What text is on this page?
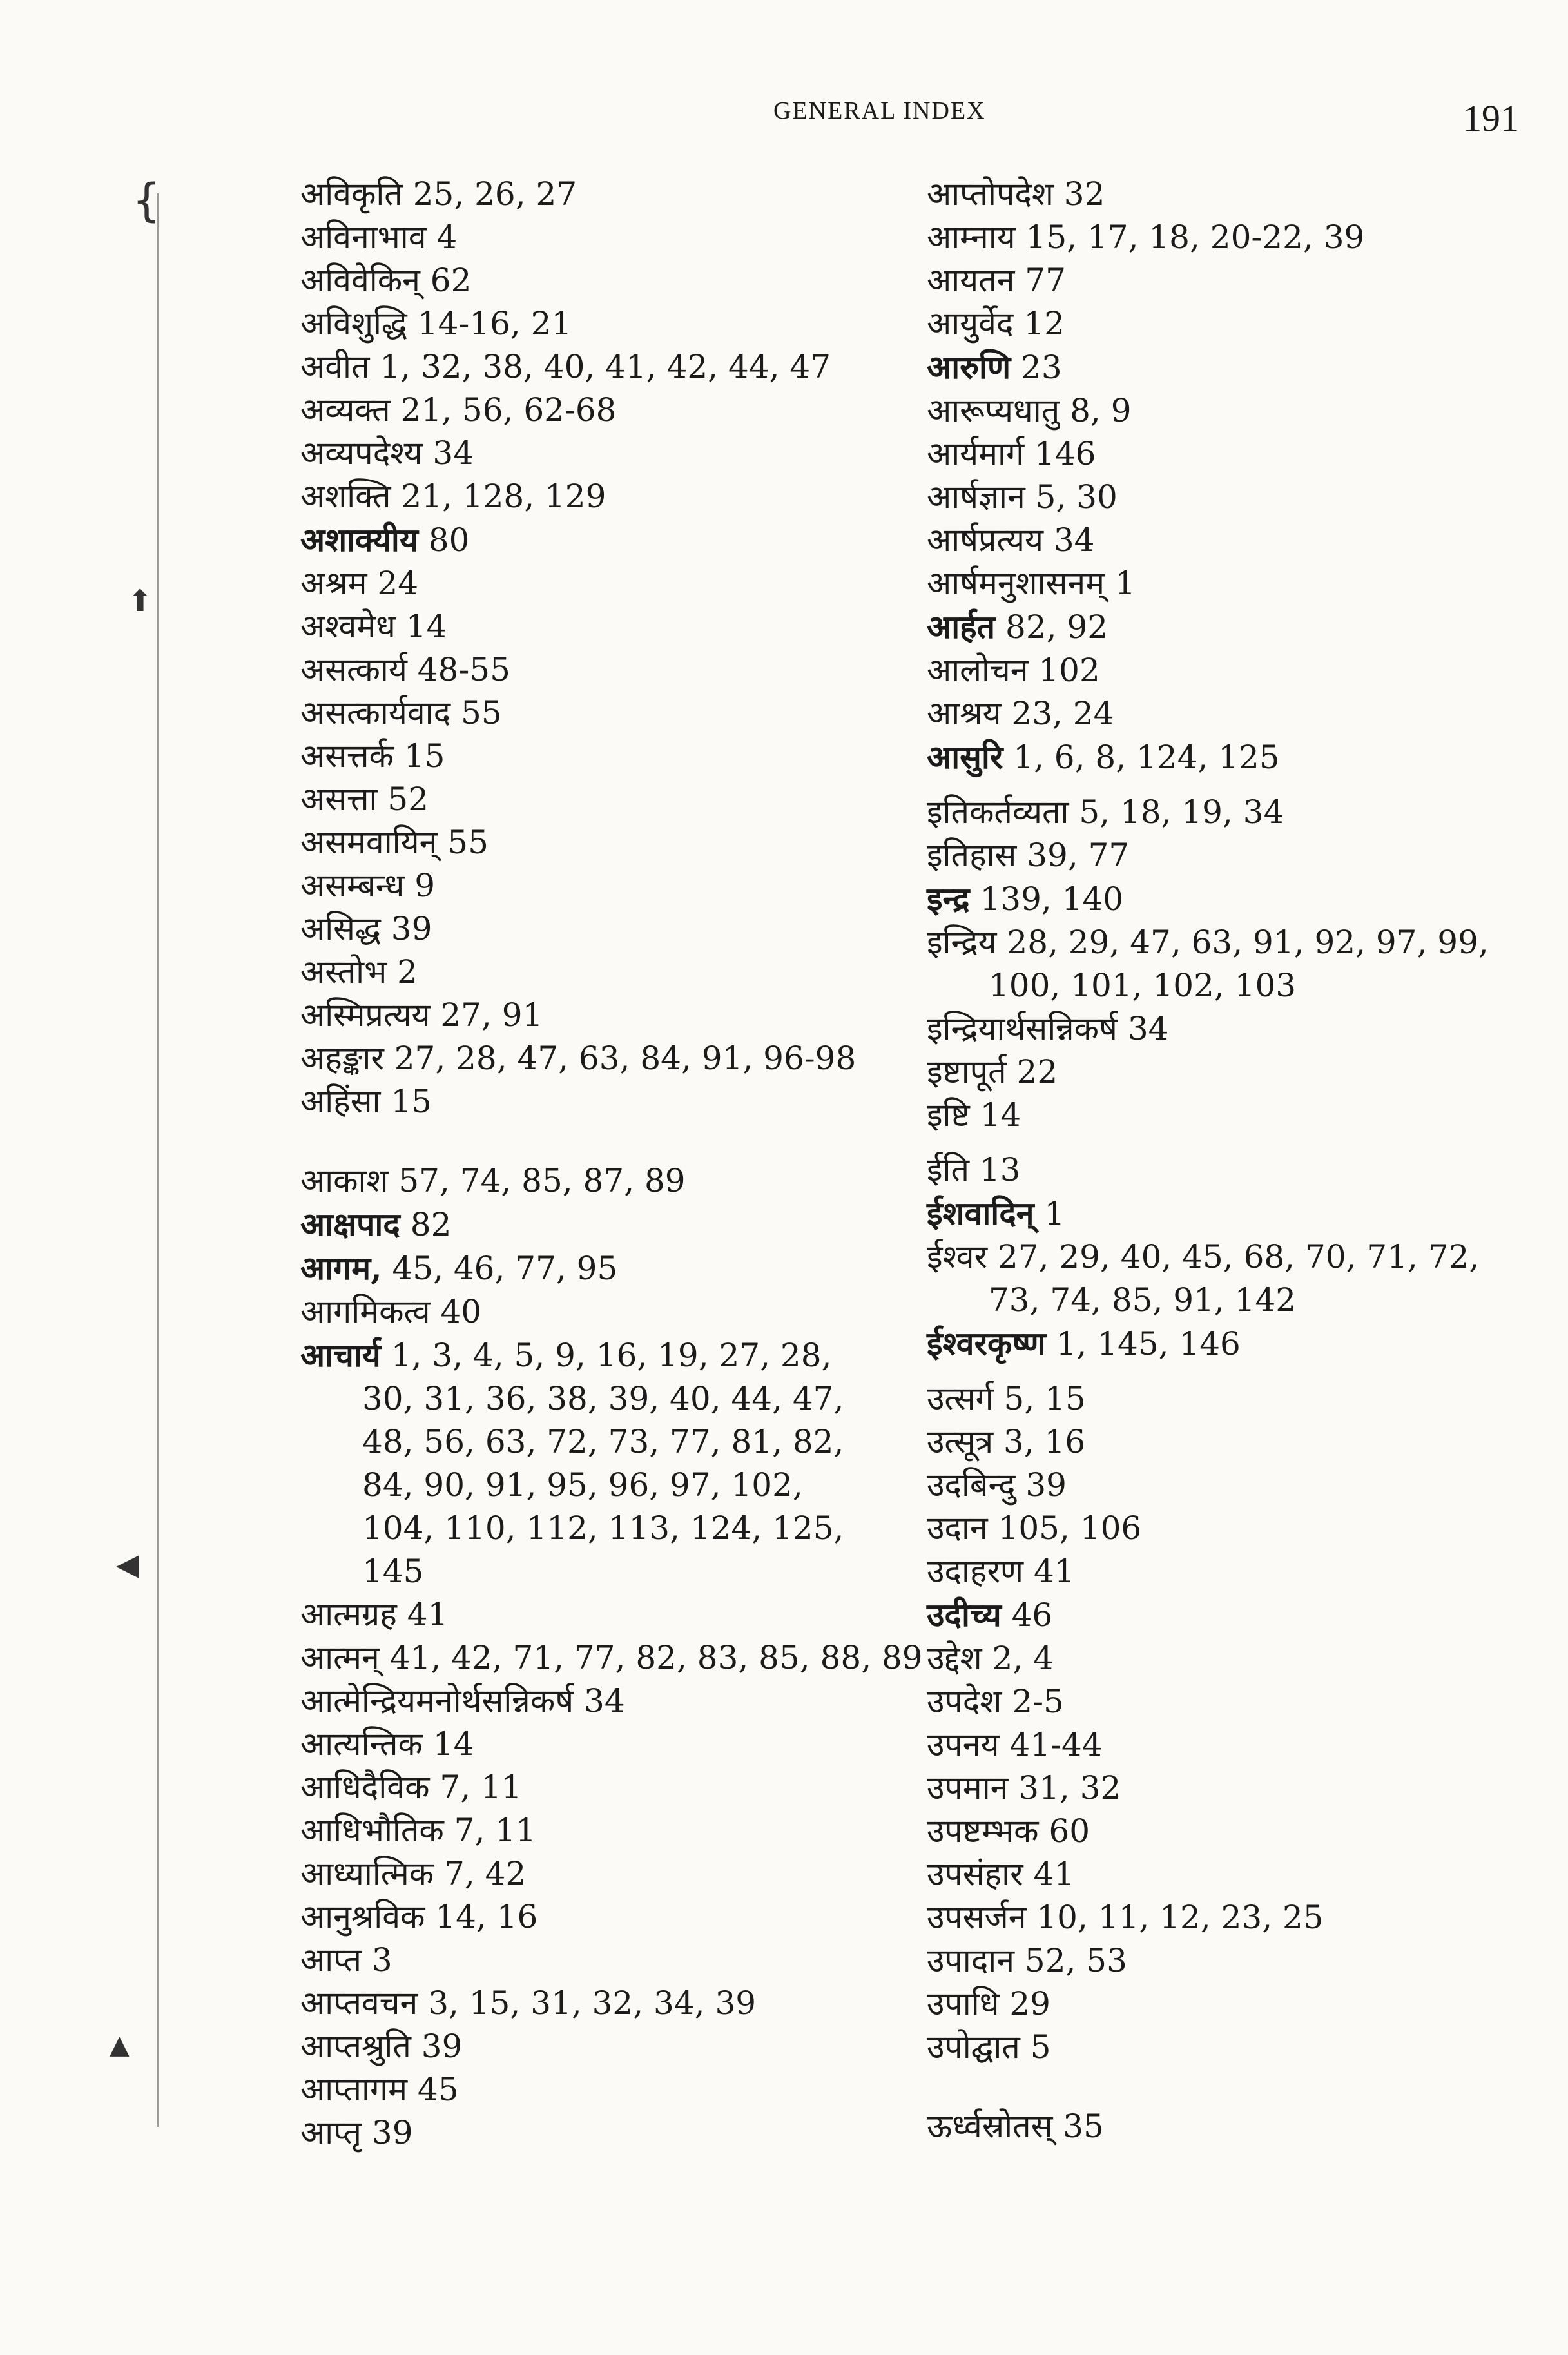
GENERAL INDEX	191
{
⬆
◀
▲
अविकृति 25, 26, 27
अविनाभाव 4
अविवेकिन् 62
अविशुद्धि 14-16, 21
अवीत 1, 32, 38, 40, 41, 42, 44, 47
अव्यक्त 21, 56, 62-68
अव्यपदेश्य 34
अशक्ति 21, 128, 129
अशाक्यीय 80
अश्रम 24
अश्वमेध 14
असत्कार्य 48-55
असत्कार्यवाद 55
असत्तर्क 15
असत्ता 52
असमवायिन् 55
असम्बन्ध 9
असिद्ध 39
अस्तोभ 2
अस्मिप्रत्यय 27, 91
अहङ्कार 27, 28, 47, 63, 84, 91, 96-98
अहिंसा 15
आकाश 57, 74, 85, 87, 89
आक्षपाद 82
आगम, 45, 46, 77, 95
आगमिकत्व 40
आचार्य 1, 3, 4, 5, 9, 16, 19, 27, 28,
30, 31, 36, 38, 39, 40, 44, 47,
48, 56, 63, 72, 73, 77, 81, 82,
84, 90, 91, 95, 96, 97, 102,
104, 110, 112, 113, 124, 125,
145
आत्मग्रह 41
आत्मन् 41, 42, 71, 77, 82, 83, 85, 88, 89
आत्मेन्द्रियमनोर्थसन्निकर्ष 34
आत्यन्तिक 14
आधिदैविक 7, 11
आधिभौतिक 7, 11
आध्यात्मिक 7, 42
आनुश्रविक 14, 16
आप्त 3
आप्तवचन 3, 15, 31, 32, 34, 39
आप्तश्रुति 39
आप्तागम 45
आप्तृ 39
आप्तोपदेश 32
आम्नाय 15, 17, 18, 20-22, 39
आयतन 77
आयुर्वेद 12
आरुणि 23
आरूप्यधातु 8, 9
आर्यमार्ग 146
आर्षज्ञान 5, 30
आर्षप्रत्यय 34
आर्षमनुशासनम् 1
आर्हत 82, 92
आलोचन 102
आश्रय 23, 24
आसुरि 1, 6, 8, 124, 125
इतिकर्तव्यता 5, 18, 19, 34
इतिहास 39, 77
इन्द्र 139, 140
इन्द्रिय 28, 29, 47, 63, 91, 92, 97, 99,
100, 101, 102, 103
इन्द्रियार्थसन्निकर्ष 34
इष्टापूर्त 22
इष्टि 14
ईति 13
ईशवादिन् 1
ईश्वर 27, 29, 40, 45, 68, 70, 71, 72,
73, 74, 85, 91, 142
ईश्वरकृष्ण 1, 145, 146
उत्सर्ग 5, 15
उत्सूत्र 3, 16
उदबिन्दु 39
उदान 105, 106
उदाहरण 41
उदीच्य 46
उद्देश 2, 4
उपदेश 2-5
उपनय 41-44
उपमान 31, 32
उपष्टम्भक 60
उपसंहार 41
उपसर्जन 10, 11, 12, 23, 25
उपादान 52, 53
उपाधि 29
उपोद्घात 5
ऊर्ध्वस्रोतस् 35
